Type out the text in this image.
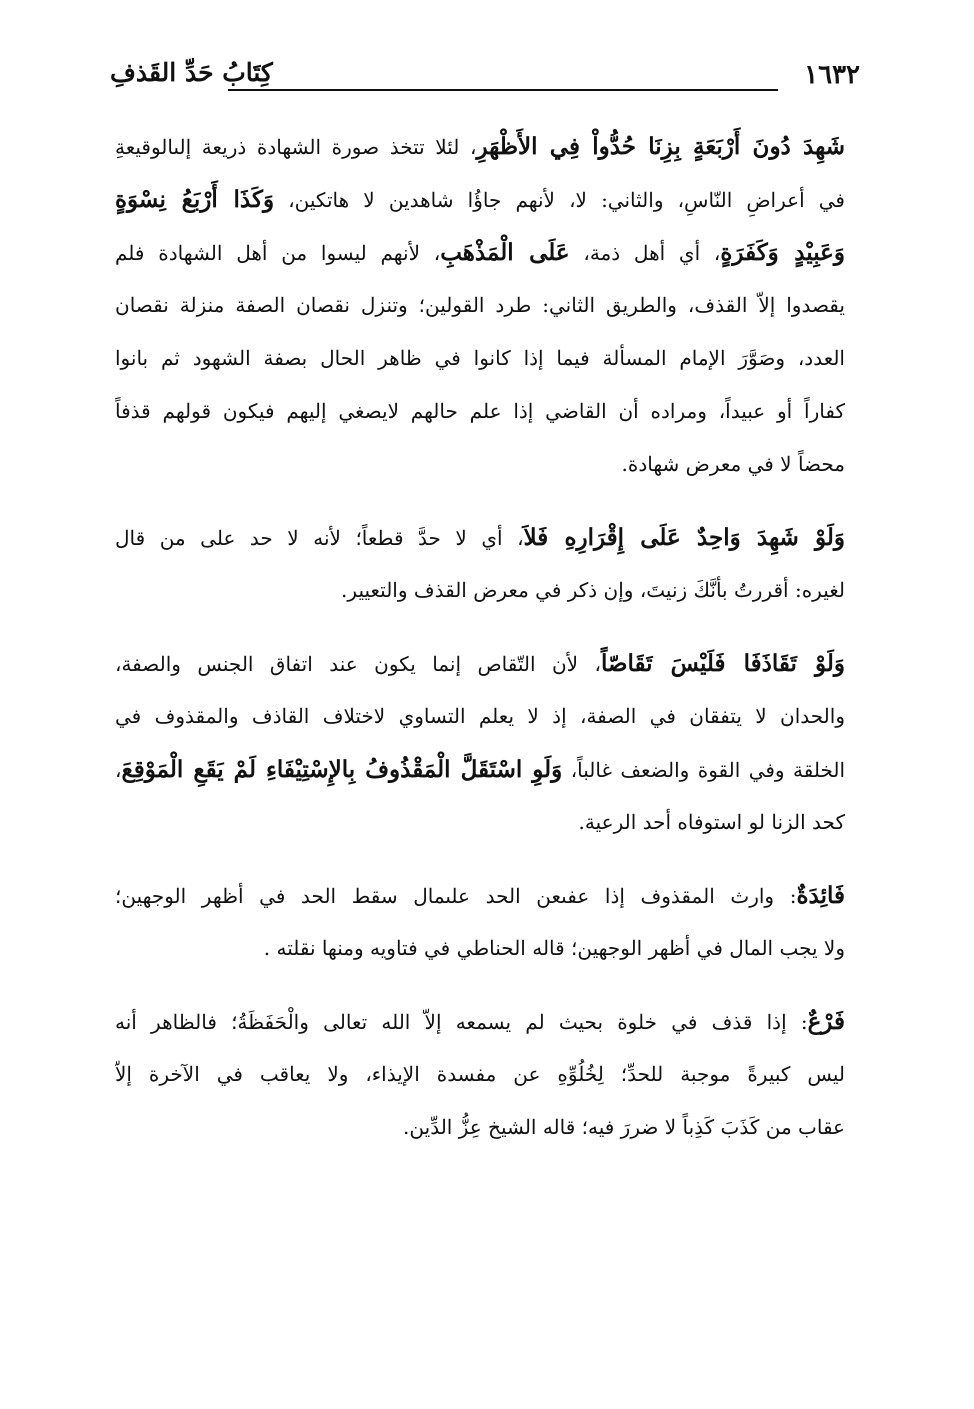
١٦٣٢
كِتَابُ حَدِّ القَذفِ
شَهِدَ دُونَ أَرْبَعَةٍ بِزِنَا حُدُّواْ فِي الأَظْهَرِ، لئلا تتخذ صورة الشهادة ذريعة إلىالوقيعةِ
في أعراضِ النّاسِ، والثاني: لا، لأنهم جاؤُا شاهدين لا هاتكين، وَكَذَا أَرْبَعُ نِسْوَةٍ
وَعَبِيْدٍ وَكَفَرَةٍ، أي أهل ذمة، عَلَى الْمَذْهَبِ، لأنهم ليسوا من أهل الشهادة فلم
يقصدوا إلاّ القذف، والطريق الثاني: طرد القولين؛ وتنزل نقصان الصفة منزلة نقصان
العدد، وصَوَّرَ الإمام المسألة فيما إذا كانوا في ظاهر الحال بصفة الشهود ثم بانوا
كفاراً أو عبيداً، ومراده أن القاضي إذا علم حالهم لايصغي إليهم فيكون قولهم قذفاً
محضاً لا في معرض شهادة.
وَلَوْ شَهِدَ وَاحِدٌ عَلَى إِقْرَارِهِ فَلاَ، أي لا حدَّ قطعاً؛ لأنه لا حد على من قال
لغيره: أقررتُ بأنَّكَ زنيتَ، وإن ذكر في معرض القذف والتعيير.
وَلَوْ تَقَاذَفَا فَلَيْسَ تَقَاصّاً، لأن التّقاص إنما يكون عند اتفاق الجنس والصفة،
والحدان لا يتفقان في الصفة، إذ لا يعلم التساوي لاختلاف القاذف والمقذوف في
الخلقة وفي القوة والضعف غالباً، وَلَوِ اسْتَقَلَّ الْمَقْذُوفُ بِالإِسْتِيْفَاءِ لَمْ يَقَعِ الْمَوْقِعَ،
كحد الزنا لو استوفاه أحد الرعية.
فَائِدَةٌ: وارث المقذوف إذا عفىعن الحد علىمال سقط الحد في أظهر الوجهين؛
ولا يجب المال في أظهر الوجهين؛ قاله الحناطي في فتاويه ومنها نقلته .
فَرْعٌ: إذا قذف في خلوة بحيث لم يسمعه إلاّ الله تعالى والْحَفَظَةُ؛ فالظاهر أنه
ليس كبيرةً موجبة للحدِّ؛ لِخُلُوِّهِ عن مفسدة الإيذاء، ولا يعاقب في الآخرة إلاّ
عقاب من كَذَبَ كَذِباً لا ضررَ فيه؛ قاله الشيخ عِزُّ الدِّين.
